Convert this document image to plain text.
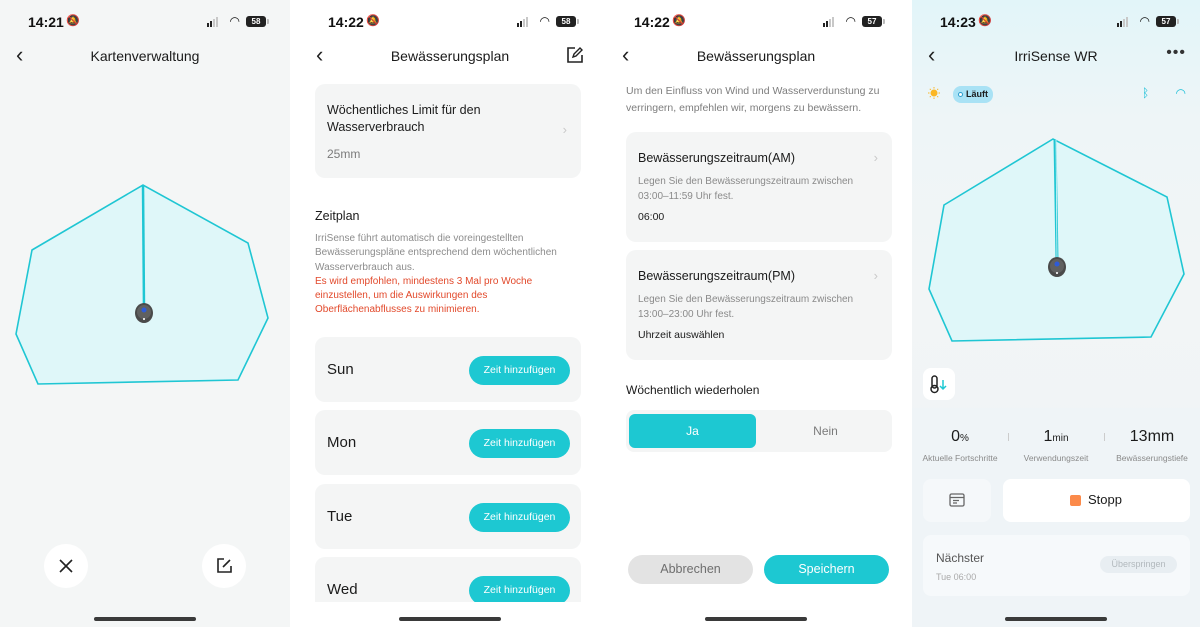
14:21 🔕	◠	58
‹	Kartenverwaltung
14:22 🔕	◠	58
‹	Bewässerungsplan
Wöchentliches Limit für den Wasserverbrauch
25mm
›
Zeitplan
IrriSense führt automatisch die voreingestellten Bewässerungspläne entsprechend dem wöchentlichen Wasserverbrauch aus.
Es wird empfohlen, mindestens 3 Mal pro Woche einzustellen, um die Auswirkungen des Oberflächenabflusses zu minimieren.
Sun	Zeit hinzufügen
Mon	Zeit hinzufügen
Tue	Zeit hinzufügen
Wed	Zeit hinzufügen
14:22 🔕	◠	57
‹	Bewässerungsplan
Um den Einfluss von Wind und Wasserverdunstung zu verringern, empfehlen wir, morgens zu bewässern.
Bewässerungszeitraum(AM)
Legen Sie den Bewässerungszeitraum zwischen 03:00–11:59 Uhr fest.
06:00
›
Bewässerungszeitraum(PM)
Legen Sie den Bewässerungszeitraum zwischen 13:00–23:00 Uhr fest.
Uhrzeit auswählen
›
Wöchentlich wiederholen
Ja	Nein
Abbrechen	Speichern
14:23 🔕	◠	57
‹	IrriSense WR	•••
Läuft	ᛒ ◠
0%
Aktuelle Fortschritte
1min
Verwendungszeit
13mm
Bewässerungstiefe
Stopp
Nächster
Tue 06:00
Überspringen
